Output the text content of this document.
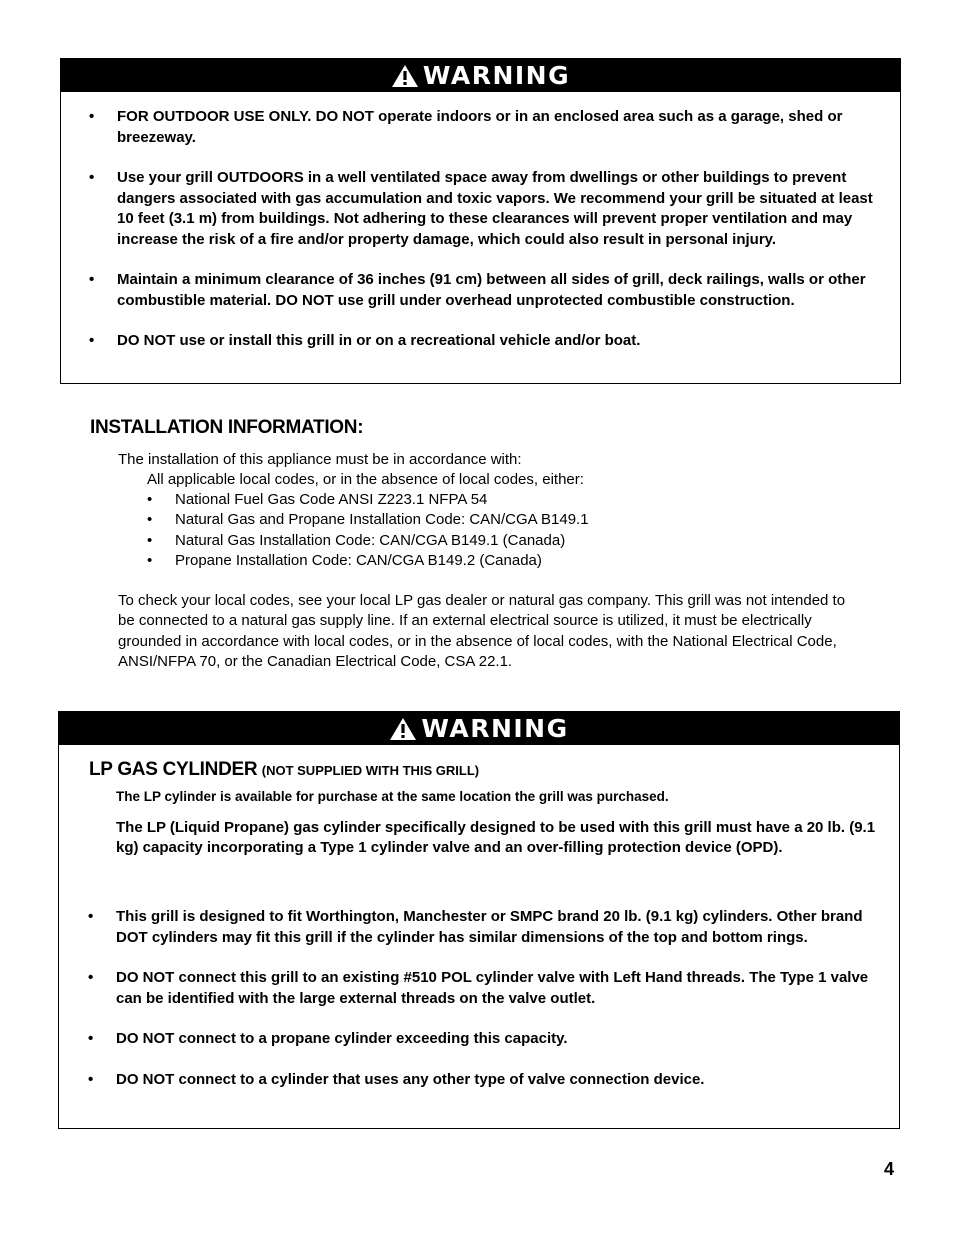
WARNING
• FOR OUTDOOR USE ONLY. DO NOT operate indoors or in an enclosed area such as a garage, shed or breezeway.
• Use your grill OUTDOORS in a well ventilated space away from dwellings or other buildings to prevent dangers associated with gas accumulation and toxic vapors. We recommend your grill be situated at least 10 feet (3.1 m) from buildings. Not adhering to these clearances will prevent proper ventilation and may increase the risk of a fire and/or property damage, which could also result in personal injury.
• Maintain a minimum clearance of 36 inches (91 cm) between all sides of grill, deck railings, walls or other combustible material. DO NOT use grill under overhead unprotected combustible construction.
• DO NOT use or install this grill in or on a recreational vehicle and/or boat.
INSTALLATION INFORMATION:
The installation of this appliance must be in accordance with:
All applicable local codes, or in the absence of local codes, either:
• National Fuel Gas Code ANSI Z223.1 NFPA 54
• Natural Gas and Propane Installation Code: CAN/CGA B149.1
• Natural Gas Installation Code: CAN/CGA B149.1 (Canada)
• Propane Installation Code: CAN/CGA B149.2 (Canada)
To check your local codes, see your local LP gas dealer or natural gas company. This grill was not intended to be connected to a natural gas supply line. If an external electrical source is utilized, it must be electrically grounded in accordance with local codes, or in the absence of local codes, with the National Electrical Code, ANSI/NFPA 70, or the Canadian Electrical Code, CSA 22.1.
WARNING
LP GAS CYLINDER (NOT SUPPLIED WITH THIS GRILL)
The LP cylinder is available for purchase at the same location the grill was purchased.
The LP (Liquid Propane) gas cylinder specifically designed to be used with this grill must have a 20 lb. (9.1 kg) capacity incorporating a Type 1 cylinder valve and an over-filling protection device (OPD).
• This grill is designed to fit Worthington, Manchester or SMPC brand 20 lb. (9.1 kg) cylinders. Other brand DOT cylinders may fit this grill if the cylinder has similar dimensions of the top and bottom rings.
• DO NOT connect this grill to an existing #510 POL cylinder valve with Left Hand threads. The Type 1 valve can be identified with the large external threads on the valve outlet.
• DO NOT connect to a propane cylinder exceeding this capacity.
• DO NOT connect to a cylinder that uses any other type of valve connection device.
4
